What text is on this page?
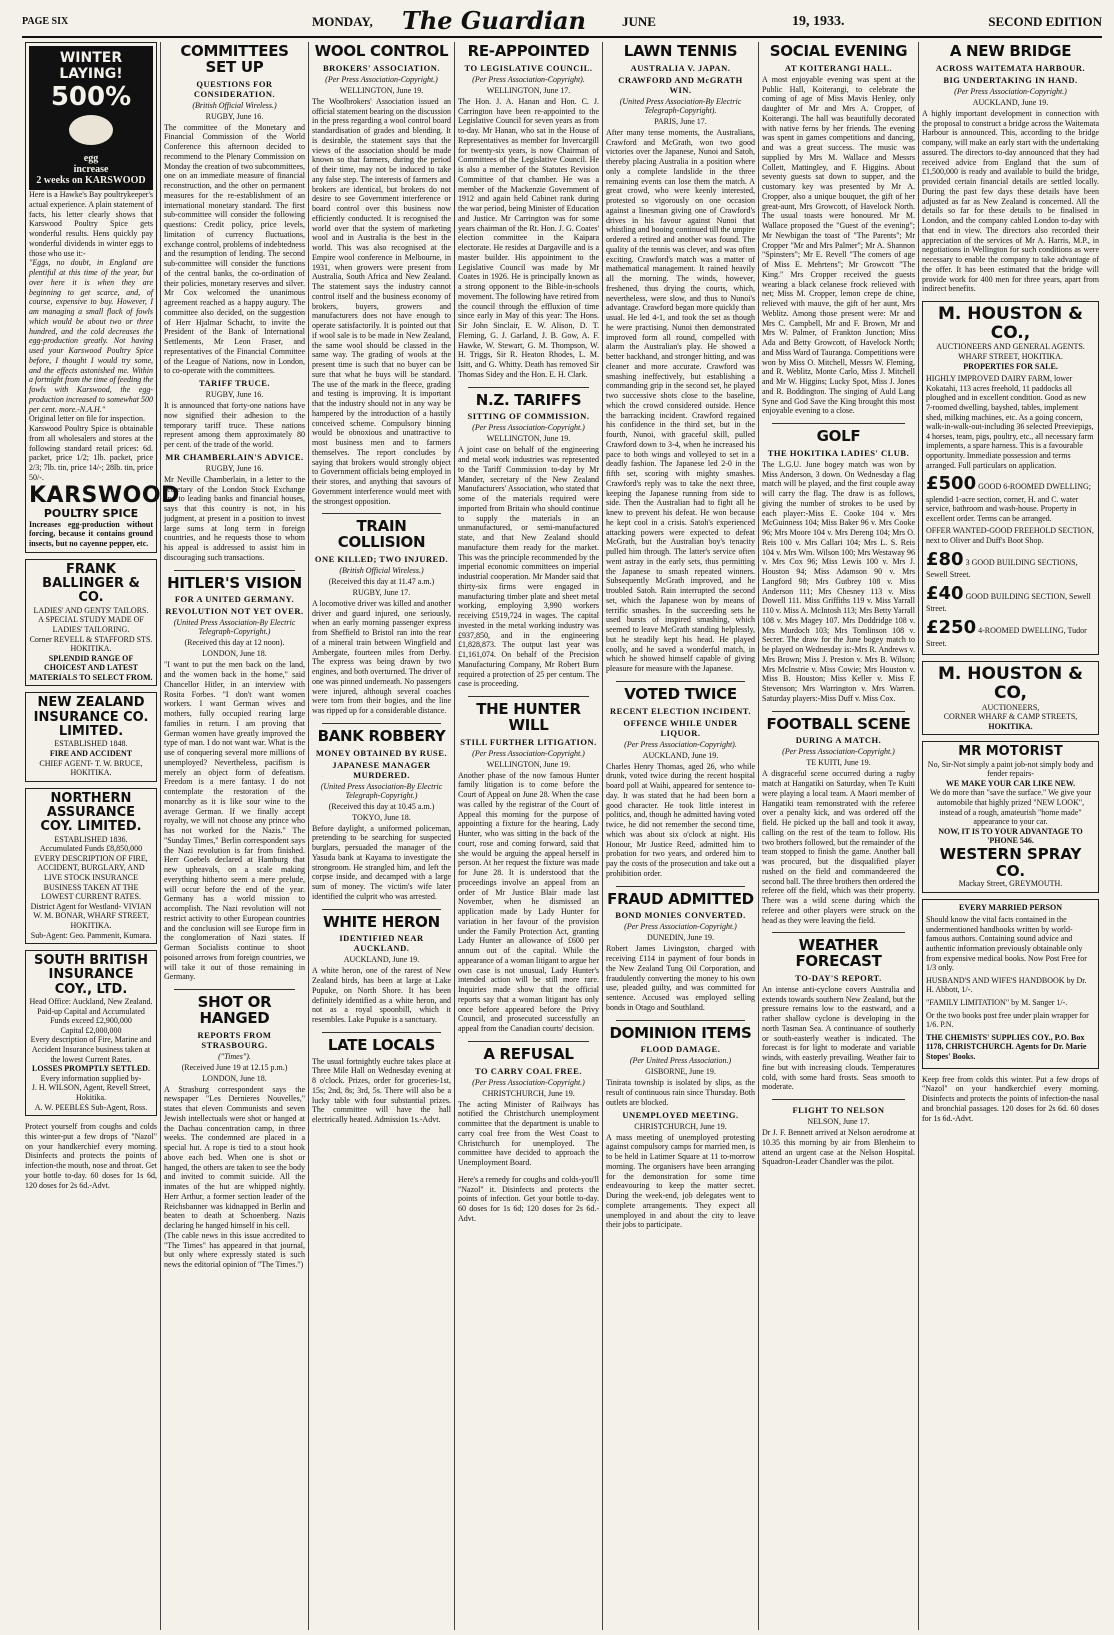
PAGE SIX	MONDAY, The Guardian	JUNE	19, 1933.	SECOND EDITION
WINTER LAYING!
500%
egg
increase
2 weeks on KARSWOOD

Here is a Hawke's Bay poultrykeeper's actual experience. A plain statement of facts, his letter clearly shows that Karswood Poultry Spice gets wonderful results. Hens quickly pay wonderful dividends in winter eggs to those who use it:-

"Eggs, no doubt, in England are plentiful at this time of the year, but over here it is when they are beginning to get scarce, and, of course, expensive to buy. However, I am managing a small flock of fowls which would be about two or three hundred, and the cold decreases the egg-production greatly. Not having used your Karswood Poultry Spice before, I thought I would try some, and the effects astonished me. Within a fortnight from the time of feeding the fowls with Karswood, the egg-production increased to somewhat 500 per cent. more.-N.A.H."

Original letter on file for inspection.

Karswood Poultry Spice is obtainable from all wholesalers and stores at the following standard retail prices: 6d. packet, price 1/2; 1lb. packet, price 2/3; 7lb. tin, price 14/-; 28lb. tin, price 50/-.

KARSWOOD
POULTRY SPICE

Increases egg-production without forcing, because it contains ground insects, but no cayenne pepper, etc.

FRANK BALLINGER & CO.
LADIES' AND GENTS' TAILORS.
A SPECIAL STUDY MADE OF LADIES' TAILORING.
Corner REVELL & STAFFORD STS. HOKITIKA.
SPLENDID RANGE OF CHOICEST AND LATEST MATERIALS TO SELECT FROM.
NEW ZEALAND INSURANCE CO. LIMITED.
ESTABLISHED 1848.
FIRE AND ACCIDENT
CHIEF AGENT- T. W. BRUCE, HOKITIKA.
NORTHERN ASSURANCE COY. LIMITED.
ESTABLISHED 1836.
Accumulated Funds £8,850,000
EVERY DESCRIPTION OF FIRE, ACCIDENT, BURGLARY, AND LIVE STOCK INSURANCE BUSINESS TAKEN AT THE LOWEST CURRENT RATES.
District Agent for Westland- VIVIAN W. M. BONAR, WHARF STREET, HOKITIKA.
Sub-Agent: Geo. Pammenit, Kumara.
SOUTH BRITISH INSURANCE COY., LTD.
Head Office: Auckland, New Zealand.
Paid-up Capital and Accumulated Funds exceed £2,900,000
Capital £2,000,000
Every description of Fire, Marine and Accident Insurance business taken at the lowest Current Rates.
LOSSES PROMPTLY SETTLED.
Every information supplied by-
J. H. WILSON, Agent, Revell Street, Hokitika.
A. W. PEEBLES Sub-Agent, Ross.

Protect yourself from coughs and colds this winter-put a few drops of "Nazol" on your handkerchief every morning. Disinfects and protects the points of infection-the mouth, nose and throat. Get your bottle to-day. 60 doses for 1s 6d, 120 doses for 2s 6d.-Advt.

COMMITTEES SET UP
QUESTIONS FOR CONSIDERATION.
(British Official Wireless.)
RUGBY, June 16.

The committee of the Monetary and Financial Commission of the World Conference this afternoon decided to recommend to the Plenary Commission on Monday the creation of two subcommittees, one on an immediate measure of financial reconstruction, and the other on permanent measures for the re-establishment of an international monetary standard. The first sub-committee will consider the following questions: Credit policy, price levels, limitation of currency fluctuations, exchange control, problems of indebtedness and the resumption of lending. The second sub-committee will consider the functions of the central banks, the co-ordination of their policies, monetary reserves and silver. Mr Cox welcomed the unanimous agreement reached as a happy augury. The committee also decided, on the suggestion of Herr Hjalmar Schacht, to invite the President of the Bank of International Settlements, Mr Leon Fraser, and representatives of the Financial Committee of the League of Nations, now in London, to co-operate with the committees.

TARIFF TRUCE.
RUGBY, June 16.

It is announced that forty-one nations have now signified their adhesion to the temporary tariff truce. These nations represent among them approximately 80 per cent. of the trade of the world.

MR CHAMBERLAIN'S ADVICE.
RUGBY, June 16.

Mr Neville Chamberlain, in a letter to the secretary of the London Stock Exchange and to leading banks and financial houses, says that this country is not, in his judgment, at present in a position to invest large sums at long term in foreign countries, and he requests those to whom his appeal is addressed to assist him in discouraging such transactions.

HITLER'S VISION
FOR A UNITED GERMANY.
REVOLUTION NOT YET OVER.
(United Press Association-By Electric Telegraph-Copyright.)
(Received this day at 12 noon).
LONDON, June 18.

"I want to put the men back on the land, and the women back in the home," said Chancellor Hitler, in an interview with Rosita Forbes. "I don't want women workers. I want German wives and mothers, fully occupied rearing large families in return. I am proving that German women have greatly improved the type of man. I do not want war. What is the use of conquering several more millions of unemployed? Nevertheless, pacifism is merely an object form of defeatism. Freedom is a mere fantasy. I do not contemplate the restoration of the monarchy as it is like sour wine to the average German. If we finally accept royalty, we will not choose any prince who has not worked for the Nazis." The "Sunday Times," Berlin correspondent says the Nazi revolution is far from finished. Herr Goebels declared at Hamburg that new upheavals, on a scale making everything hitherto seem a mere prelude, will occur before the end of the year. Germany has a world mission to accomplish. The Nazi revolution will not restrict activity to other European countries and the conclusion will see Europe firm in the conglomeration of Nazi states. If German Socialists continue to shoot poisoned arrows from foreign countries, we will take it out of those remaining in Germany.

SHOT OR HANGED
REPORTS FROM STRASBOURG.
("Times").
(Received June 19 at 12.15 p.m.)
LONDON, June 18.

A Strasburg correspondent says the newspaper "Les Dernieres Nouvelles," states that eleven Communists and seven Jewish intellectuals were shot or hanged at the Dachau concentration camp, in three weeks. The condemned are placed in a special hut. A rope is tied to a stout hook above each bed. When one is shot or hanged, the others are taken to see the body and invited to commit suicide. All the inmates of the hut are whipped nightly. Herr Arthur, a former section leader of the Reichsbanner was kidnapped in Berlin and beaten to death at Schoenberg. Nazis declaring he hanged himself in his cell.

(The cable news in this issue accredited to "The Times" has appeared in that journal, but only where expressly stated is such news the editorial opinion of "The Times.")

WOOL CONTROL
BROKERS' ASSOCIATION.
(Per Press Association-Copyright.)
WELLINGTON, June 19.

The Woolbrokers' Association issued an official statement bearing on the discussion in the press regarding a wool control board standardisation of grades and blending. It is desirable, the statement says that the views of the association should be made known so that farmers, during the period of their time, may not be induced to take any false step. The interests of farmers and brokers are identical, but brokers do not desire to see Government interference or board control over this business now efficiently conducted. It is recognised the world over that the system of marketing wool and in Australia is the best in the world. This was also recognised at the Empire wool conference in Melbourne, in 1931, when growers were present from Australia, South Africa and New Zealand. The statement says the industry cannot control itself and the business economy of brokers, buyers, growers and manufacturers does not have enough to operate satisfactorily. It is pointed out that if wool sale is to be made in New Zealand, the same wool should be classed in the same way. The grading of wools at the present time is such that no buyer can be sure that what he buys will be standard. The use of the mark in the fleece, grading and testing is improving. It is important that the industry should not in any way be hampered by the introduction of a hastily conceived scheme. Compulsory binning would be obnoxious and unattractive to most business men and to farmers themselves. The report concludes by saying that brokers would strongly object to Government officials being employed in their stores, and anything that savours of Government interference would meet with the strongest opposition.

TRAIN COLLISION
ONE KILLED; TWO INJURED.
(British Official Wireless.)
(Received this day at 11.47 a.m.)
RUGBY, June 17.

A locomotive driver was killed and another driver and guard injured, one seriously, when an early morning passenger express from Sheffield to Bristol ran into the rear of a mineral train between Wingfield and Ambergate, fourteen miles from Derby. The express was being drawn by two engines, and both overturned. The driver of one was pinned underneath. No passengers were injured, although several coaches were torn from their bogies, and the line was ripped up for a considerable distance.

BANK ROBBERY
MONEY OBTAINED BY RUSE.
JAPANESE MANAGER MURDERED.
(United Press Association-By Electric Telegraph-Copyright.)
(Received this day at 10.45 a.m.)
TOKYO, June 18.

Before daylight, a uniformed policeman, pretending to be searching for suspected burglars, persuaded the manager of the Yasuda bank at Kayama to investigate the strongroom. He strangled him, and left the corpse inside, and decamped with a large sum of money. The victim's wife later identified the culprit who was arrested.

WHITE HERON
IDENTIFIED NEAR AUCKLAND.
AUCKLAND, June 19.

A white heron, one of the rarest of New Zealand birds, has been at large at Lake Pupuke, on North Shore. It has been definitely identified as a white heron, and not as a royal spoonbill, which it resembles. Lake Pupuke is a sanctuary.

LATE LOCALS

The usual fortnightly euchre takes place at Three Mile Hall on Wednesday evening at 8 o'clock. Prizes, order for groceries-1st, 15s; 2nd, 8s; 3rd, 5s. There will also be a lucky table with four substantial prizes. The committee will have the hall electrically heated. Admission 1s.-Advt.

RE-APPOINTED
TO LEGISLATIVE COUNCIL.
(Per Press Association-Copyright).
WELLINGTON, June 17.

The Hon. J. A. Hanan and Hon. C. J. Carrington have been re-appointed to the Legislative Council for seven years as from to-day. Mr Hanan, who sat in the House of Representatives as member for Invercargill for twenty-six years, is now Chairman of Committees of the Legislative Council. He is also a member of the Statutes Revision Committee of that chamber. He was a member of the Mackenzie Government of 1912 and again held Cabinet rank during the war period, being Minister of Education and Justice. Mr Carrington was for some years chairman of the Rt. Hon. J. G. Coates' election committee in the Kaipara electorate. He resides at Dargaville and is a master builder. His appointment to the Legislative Council was made by Mr Coates in 1926. He is principally known as a strong opponent to the Bible-in-schools movement. The following have retired from the council through the effluxion of time since early in May of this year: The Hons. Sir John Sinclair, E. W. Alison, D. T. Fleming, G. J. Garland, J. B. Gow, A. F. Hawke, W. Stewart, G. M. Thompson, W. H. Triggs, Sir R. Heaton Rhodes, L. M. Isitt, and G. Whitty. Death has removed Sir Thomas Sidey and the Hon. E. H. Clark.

N.Z. TARIFFS
SITTING OF COMMISSION.
(Per Press Association-Copyright.)
WELLINGTON, June 19.

A joint case on behalf of the engineering and metal work industries was represented to the Tariff Commission to-day by Mr Mander, secretary of the New Zealand Manufacturers' Association, who stated that some of the materials required were imported from Britain who should continue to supply the materials in an unmanufactured, or semi-manufactured state, and that New Zealand should manufacture them ready for the market. This was the principle recommended by the imperial economic committees on imperial industrial cooperation. Mr Mander said that thirty-six firms were engaged in manufacturing timber plate and sheet metal working, employing 3,990 workers receiving £519,724 in wages. The capital invested in the metal working industry was £937,850, and in the engineering £1,828,873. The output last year was £1,161,074. On behalf of the Precision Manufacturing Company, Mr Robert Burn required a protection of 25 per centum. The case is proceeding.

THE HUNTER WILL
STILL FURTHER LITIGATION.
(Per Press Association-Copyright.)
WELLINGTON, June 19.

Another phase of the now famous Hunter family litigation is to come before the Court of Appeal on June 28. When the case was called by the registrar of the Court of Appeal this morning for the purpose of appointing a fixture for the hearing, Lady Hunter, who was sitting in the back of the court, rose and coming forward, said that she would be arguing the appeal herself in person. At her request the fixture was made for June 28. It is understood that the proceedings involve an appeal from an order of Mr Justice Blair made last November, when he dismissed an application made by Lady Hunter for variation in her favour of the provision under the Family Protection Act, granting Lady Hunter an allowance of £600 per annum out of the capital. While the appearance of a woman litigant to argue her own case is not unusual, Lady Hunter's intended action will be still more rare. Inquiries made show that the official reports say that a woman litigant has only once before appeared before the Privy Council, and prosecuted successfully an appeal from the Canadian courts' decision.

A REFUSAL
TO CARRY COAL FREE.
(Per Press Association-Copyright.)
CHRISTCHURCH, June 19.

The acting Minister of Railways has notified the Christchurch unemployment committee that the department is unable to carry coal free from the West Coast to Christchurch for unemployed. The committee have decided to approach the Unemployment Board.

Here's a remedy for coughs and colds-you'll "Nazol" it. Disinfects and protects the points of infection. Get your bottle to-day. 60 doses for 1s 6d; 120 doses for 2s 6d.-Advt.

LAWN TENNIS
AUSTRALIA V. JAPAN.
CRAWFORD AND McGRATH WIN.
(United Press Association-By Electric Telegraph-Copyright).
PARIS, June 17.

After many tense moments, the Australians, Crawford and McGrath, won two good victories over the Japanese, Nunoi and Satoh, thereby placing Australia in a position where only a complete landslide in the three remaining events can lose them the match. A great crowd, who were keenly interested, protested so vigorously on one occasion against a linesman giving one of Crawford's drives in his favour against Nunoi that whistling and booing continued till the umpire ordered a retired and another was found. The quality of the tennis was clever, and was often exciting. Crawford's match was a matter of mathematical management. It rained heavily all the morning. The winds, however, freshened, thus drying the courts, which, nevertheless, were slow, and thus to Nunoi's advantage. Crawford began more quickly than usual. He led 4-1, and took the set as though he were practising. Nunoi then demonstrated improved form all round, compelled with alarm the Australian's play. He showed a better backhand, and stronger hitting, and was cleaner and more accurate. Crawford was smashing ineffectively, but establishing a commanding grip in the second set, he played two successive shots close to the baseline, which the crowd considered outside. Hence the barracking incident. Crawford regained his confidence in the third set, but in the fourth, Nunoi, with graceful skill, pulled Crawford down to 3-4, when he increased his pace to both wings and volleyed to set in a deadly fashion. The Japanese led 2-0 in the fifth set, scoring with mighty smashes. Crawford's reply was to take the next three, keeping the Japanese running from side to side. Then the Australian had to fight all he knew to prevent his defeat. He won because he kept cool in a crisis. Satoh's experienced attacking powers were expected to defeat McGrath, but the Australian boy's tenacity pulled him through. The latter's service often went astray in the early sets, thus permitting the Japanese to smash repeated winners. Subsequently McGrath improved, and he troubled Satoh. Rain interrupted the second set, which the Japanese won by means of terrific smashes. In the succeeding sets he used bursts of inspired smashing, which seemed to leave McGrath standing helplessly, but he steadily kept his head. He played coolly, and he saved a wonderful match, in which he showed himself capable of giving pleasure for measure with the Japanese.

VOTED TWICE
RECENT ELECTION INCIDENT.
OFFENCE WHILE UNDER LIQUOR.
(Per Press Association-Copyright).
AUCKLAND, June 19.

Charles Henry Thomas, aged 26, who while drunk, voted twice during the recent hospital board poll at Waihi, appeared for sentence to-day. It was stated that he had been born a good character. He took little interest in politics, and, though he admitted having voted twice, he did not remember the second time, which was about six o'clock at night. His Honour, Mr Justice Reed, admitted him to probation for two years, and ordered him to pay the costs of the prosecution and take out a prohibition order.

FRAUD ADMITTED
BOND MONIES CONVERTED.
(Per Press Association-Copyright.)
DUNEDIN, June 19.

Robert James Livingston, charged with receiving £114 in payment of four bonds in the New Zealand Tung Oil Corporation, and fraudulently converting the money to his own use, pleaded guilty, and was committed for sentence. Accused was employed selling bonds in Otago and Southland.

DOMINION ITEMS
FLOOD DAMAGE.
(Per United Press Association.)
GISBORNE, June 19.

Tinirata township is isolated by slips, as the result of continuous rain since Thursday. Both outlets are blocked.

UNEMPLOYED MEETING.
CHRISTCHURCH, June 19.

A mass meeting of unemployed protesting against compulsory camps for married men, is to be held in Latimer Square at 11 to-morrow morning. The organisers have been arranging for the demonstration for some time endeavouring to keep the matter secret. During the week-end, job delegates went to complete arrangements. They expect all unemployed in and about the city to leave their jobs to participate.

SOCIAL EVENING
AT KOITERANGI HALL.

A most enjoyable evening was spent at the Public Hall, Koiterangi, to celebrate the coming of age of Miss Mavis Henley, only daughter of Mr and Mrs A. Cropper, of Koiterangi. The hall was beautifully decorated with native ferns by her friends. The evening was spent in games competitions and dancing, and was a great success. The music was supplied by Mrs M. Wallace and Messrs Collett, Mattingley, and F. Higgins. About seventy guests sat down to supper, and the customary key was presented by Mr A. Cropper, also a unique bouquet, the gift of her great-aunt, Mrs Growcott, of Havelock North. The usual toasts were honoured. Mr M. Wallace proposed the "Guest of the evening"; Mr Newbigan the toast of "The Parents"; Mr Cropper "Mr and Mrs Palmer"; Mr A. Shannon "Spinsters"; Mr E. Revell "The comers of age of Miss E. Mehrtens"; Mr Growcott "The King." Mrs Cropper received the guests wearing a black celanese frock relieved with net; Miss M. Cropper, lemon crepe de chine, relieved with mauve, the gift of her aunt, Mrs Weblitz. Among those present were: Mr and Mrs C. Campbell, Mr and F. Brown, Mr and Mrs W. Palmer, of Frankton Junction; Miss Ada and Betty Growcott, of Havelock North; and Miss Ward of Tauranga. Competitions were won by Miss O. Mitchell, Messrs W. Fleming, and R. Weblitz, Monte Carlo, Miss J. Mitchell and Mr W. Higgins; Lucky Spot, Miss J. Jones and R. Boddington. The singing of Auld Lang Syne and God Save the King brought this most enjoyable evening to a close.

GOLF
THE HOKITIKA LADIES' CLUB.

The L.G.U. June bogey match was won by Miss Anderson, 3 down. On Wednesday a flag match will be played, and the first couple away will carry the flag. The draw is as follows, giving the number of strokes to be used by each player:-Miss E. Cooke 104 v. Mrs McGuinness 104; Miss Baker 96 v. Mrs Cooke 96; Mrs Moore 104 v. Mrs Dereng 104; Mrs O. Reis 100 v. Mrs Callari 104; Mrs L. S. Reis 104 v. Mrs Wm. Wilson 100; Mrs Westaway 96 v. Mrs Cox 96; Miss Lewis 100 v. Mrs J. Houston 94; Miss Adamson 90 v. Mrs Langford 98; Mrs Gutbrey 108 v. Miss Anderson 111; Mrs Chesney 113 v. Miss Dowell 111. Miss Griffiths 119 v. Miss Yarrall 110 v. Miss A. McIntosh 113; Mrs Betty Yarrall 108 v. Mrs Magey 107. Mrs Doddridge 108 v. Mrs Murdoch 103; Mrs Tomlinson 108 v. Secrer. The draw for the June bogey match to be played on Wednesday is:-Mrs R. Andrews v. Mrs Brown; Miss J. Preston v. Mrs B. Wilson; Mrs McInstrie v. Miss Cowie; Mrs Houston v. Miss B. Houston; Miss Keller v. Miss F. Stevenson; Mrs Warrington v. Mrs Warren. Saturday players:-Miss Duff v. Miss Cox.

FOOTBALL SCENE
DURING A MATCH.
(Per Press Association-Copyright.)
TE KUITI, June 19.

A disgraceful scene occurred during a rugby match at Hangatiki on Saturday, when Te Kuiti were playing a local team. A Maori member of Hangatiki team remonstrated with the referee over a penalty kick, and was ordered off the field. He picked up the ball and took it away, calling on the rest of the team to follow. His two brothers followed, but the remainder of the team stopped to finish the game. Another ball was procured, but the disqualified player rushed on the field and commandeered the second ball. The three brothers then ordered the referee off the field, which was their property. There was a wild scene during which the referee and other players were struck on the head as they were leaving the field.

WEATHER FORECAST
TO-DAY'S REPORT.

An intense anti-cyclone covers Australia and extends towards southern New Zealand, but the pressure remains low to the eastward, and a rather shallow cyclone is developing in the north Tasman Sea. A continuance of southerly or south-easterly weather is indicated. The forecast is for light to moderate and variable winds, with easterly prevailing. Weather fair to fine but with increasing clouds. Temperatures cold, with some hard frosts. Seas smooth to moderate.

FLIGHT TO NELSON
NELSON, June 17.

Dr J. F. Bennett arrived at Nelson aerodrome at 10.35 this morning by air from Blenheim to attend an urgent case at the Nelson Hospital. Squadron-Leader Chandler was the pilot.

A NEW BRIDGE
ACROSS WAITEMATA HARBOUR.
BIG UNDERTAKING IN HAND.
(Per Press Association-Copyright.)
AUCKLAND, June 19.

A highly important development in connection with the proposal to construct a bridge across the Waitemata Harbour is announced. This, according to the bridge company, will make an early start with the undertaking assured. The directors to-day announced that they had received advice from England that the sum of £1,500,000 is ready and available to build the bridge, provided certain financial details are settled locally. During the past few days these details have been adjusted as far as New Zealand is concerned. All the details so far for these details to be finalised in London, and the company cabled London to-day with that end in view. The directors also recorded their appreciation of the services of Mr A. Harris, M.P., in negotiations in Wellington for such conditions as were necessary to enable the company to take advantage of the offer. It has been estimated that the bridge will provide work for 400 men for three years, apart from indirect benefits.

M. HOUSTON & CO.,
AUCTIONEERS AND GENERAL AGENTS.
WHARF STREET, HOKITIKA.
PROPERTIES FOR SALE.

HIGHLY IMPROVED DAIRY FARM, lower Kokatahi, 113 acres freehold, 11 paddocks all ploughed and in excellent condition. Good as new 7-roomed dwelling, bayshed, tables, implement shed, milking machines, etc. As a going concern, walk-in-walk-out-including 36 selected Preeviepigs, 4 horses, team, pigs, poultry, etc., all necessary farm implements, a spare harness. This is a favourable opportunity. Immediate possession and terms arranged. Full particulars on application.

£500 GOOD 6-ROOMED DWELLING; splendid 1-acre section, corner, H. and C. water service, bathroom and wash-house. Property in excellent order. Terms can be arranged.

OFFER WANTED-GOOD FREEHOLD SECTION, next to Oliver and Duff's Boot Shop.

£80 3 GOOD BUILDING SECTIONS, Sewell Street.

£40 GOOD BUILDING SECTION, Sewell Street.

£250 4-ROOMED DWELLING, Tudor Street.

M. HOUSTON & CO,
AUCTIONEERS,
CORNER WHARF & CAMP STREETS,
HOKITIKA.
MR MOTORIST
No, Sir-Not simply a paint job-not simply body and fender repairs-
WE MAKE YOUR CAR LIKE NEW.
We do more than "save the surface." We give your automobile that highly prized "NEW LOOK", instead of a rough, amateurish "home made" appearance to your car.
NOW, IT IS TO YOUR ADVANTAGE TO 'PHONE 546.
WESTERN SPRAY CO.
Mackay Street, GREYMOUTH.
EVERY MARRIED PERSON

Should know the vital facts contained in the undermentioned handbooks written by world-famous authors. Containing sound advice and authentic information previously obtainable only from expensive medical books. Now Post Free for 1/3 only.

HUSBAND'S AND WIFE'S HANDBOOK by Dr. H. Abbott, 1/-.

"FAMILY LIMITATION" by M. Sanger 1/-.

Or the two books post free under plain wrapper for 1/6. P.N.

THE CHEMISTS' SUPPLIES COY., P.O. Box 1178, CHRISTCHURCH. Agents for Dr. Marie Stopes' Books.

Keep free from colds this winter. Put a few drops of "Nazol" on your handkerchief every morning. Disinfects and protects the points of infection-the nasal and bronchial passages. 120 doses for 2s 6d. 60 doses for 1s 6d.-Advt.
